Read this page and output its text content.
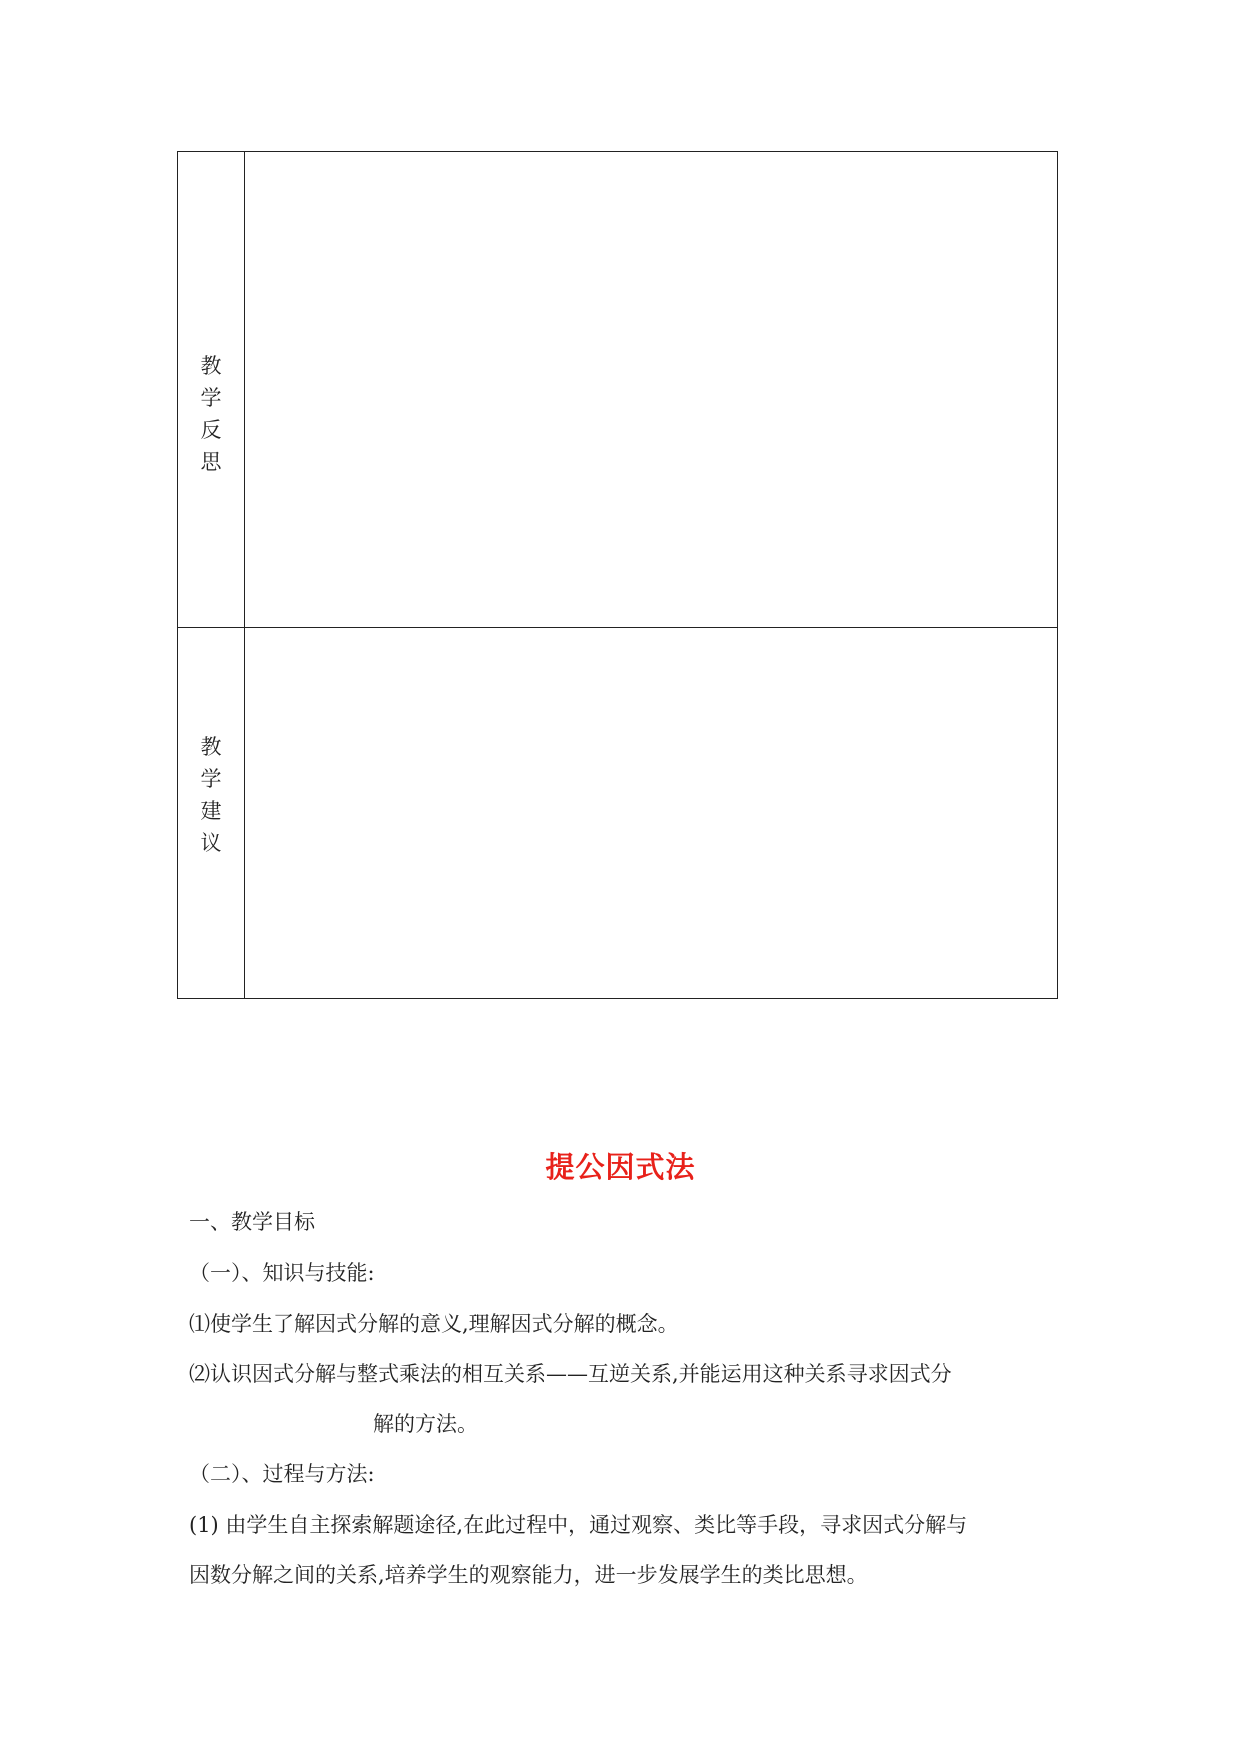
教
学
反
思
教
学
建
议
提公因式法
一、教学目标
（一）、知识与技能:
⑴使学生了解因式分解的意义,理解因式分解的概念。
⑵认识因式分解与整式乘法的相互关系——互逆关系,并能运用这种关系寻求因式分
解的方法。
（二）、过程与方法:
(1) 由学生自主探索解题途径,在此过程中，通过观察、类比等手段，寻求因式分解与
因数分解之间的关系,培养学生的观察能力，进一步发展学生的类比思想。
